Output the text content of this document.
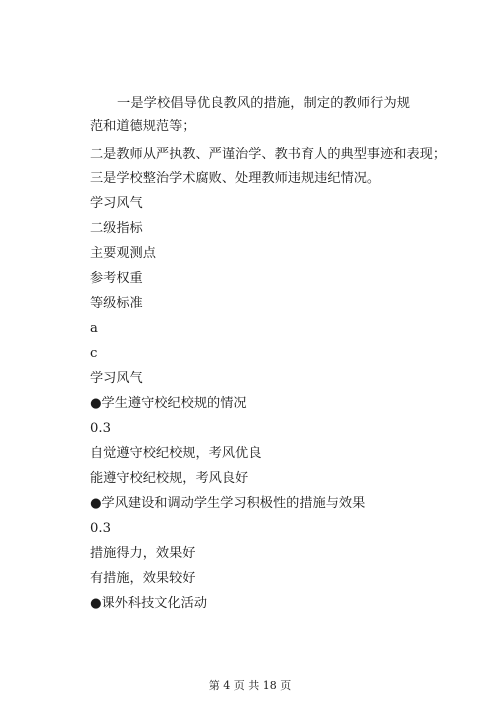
一是学校倡导优良教风的措施，制定的教师行为规范和道德规范等；
二是教师从严执教、严谨治学、教书育人的典型事迹和表现；
三是学校整治学术腐败、处理教师违规违纪情况。
学习风气
二级指标
主要观测点
参考权重
等级标准
a
c
学习风气
●学生遵守校纪校规的情况
0.3
自觉遵守校纪校规，考风优良
能遵守校纪校规，考风良好
●学风建设和调动学生学习积极性的措施与效果
0.3
措施得力，效果好
有措施，效果较好
●课外科技文化活动
第 4 页 共 18 页
